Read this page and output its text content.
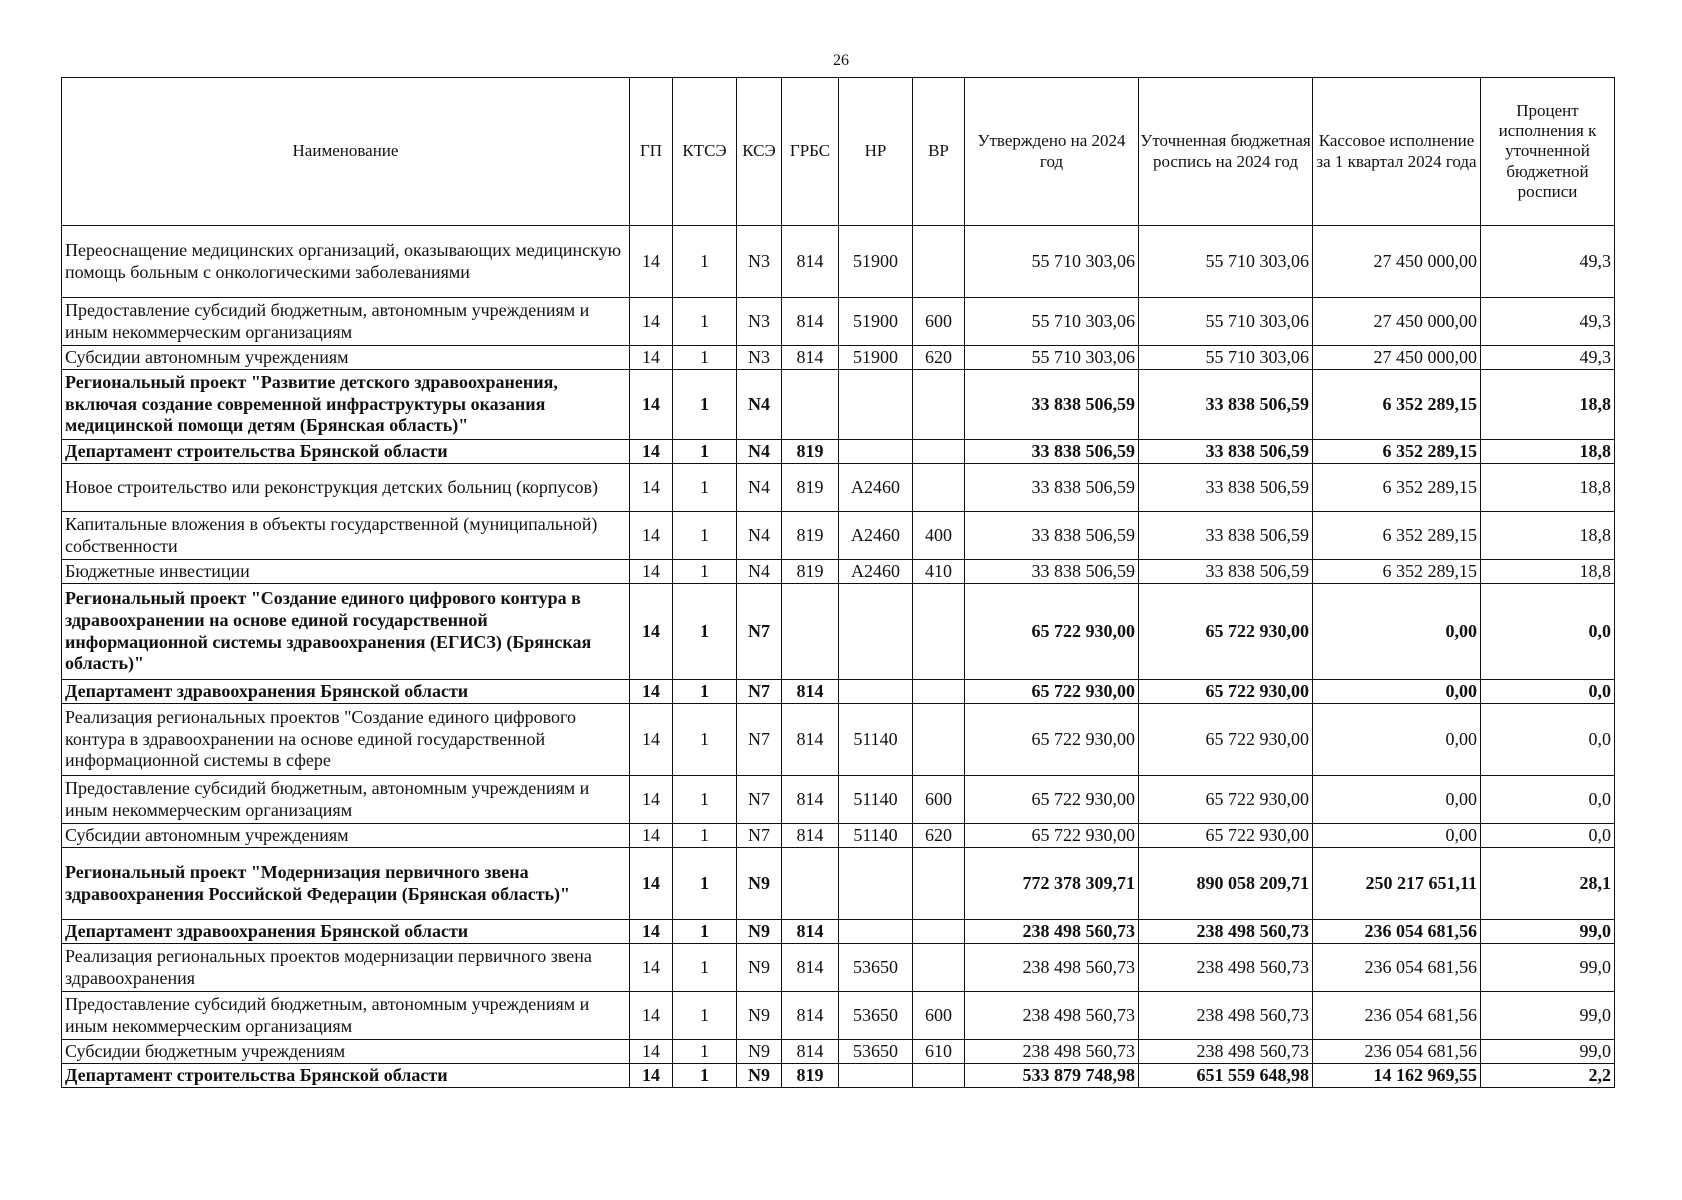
26
Наименование	ГП	КТСЭ	КСЭ	ГРБС	НР	ВР	Утверждено на 2024 год	Уточненная бюджетная роспись на 2024 год	Кассовое исполнение за 1 квартал 2024 года	Процент исполнения к уточненной бюджетной росписи
Переоснащение медицинских организаций, оказывающих медицинскую помощь больным с онкологическими заболеваниями	14	1	N3	814	51900		55 710 303,06	55 710 303,06	27 450 000,00	49,3
Предоставление субсидий бюджетным, автономным учреждениям и иным некоммерческим организациям	14	1	N3	814	51900	600	55 710 303,06	55 710 303,06	27 450 000,00	49,3
Субсидии автономным учреждениям	14	1	N3	814	51900	620	55 710 303,06	55 710 303,06	27 450 000,00	49,3
Региональный проект "Развитие детского здравоохранения, включая создание современной инфраструктуры оказания медицинской помощи детям (Брянская область)"	14	1	N4				33 838 506,59	33 838 506,59	6 352 289,15	18,8
Департамент строительства Брянской области	14	1	N4	819			33 838 506,59	33 838 506,59	6 352 289,15	18,8
Новое строительство или реконструкция детских больниц (корпусов)	14	1	N4	819	А2460		33 838 506,59	33 838 506,59	6 352 289,15	18,8
Капитальные вложения в объекты государственной (муниципальной) собственности	14	1	N4	819	А2460	400	33 838 506,59	33 838 506,59	6 352 289,15	18,8
Бюджетные инвестиции	14	1	N4	819	А2460	410	33 838 506,59	33 838 506,59	6 352 289,15	18,8
Региональный проект "Создание единого цифрового контура в здравоохранении на основе единой государственной информационной системы здравоохранения (ЕГИСЗ) (Брянская область)"	14	1	N7				65 722 930,00	65 722 930,00	0,00	0,0
Департамент здравоохранения Брянской области	14	1	N7	814			65 722 930,00	65 722 930,00	0,00	0,0
Реализация региональных проектов "Создание единого цифрового контура в здравоохранении на основе единой государственной информационной системы в сфере	14	1	N7	814	51140		65 722 930,00	65 722 930,00	0,00	0,0
Предоставление субсидий бюджетным, автономным учреждениям и иным некоммерческим организациям	14	1	N7	814	51140	600	65 722 930,00	65 722 930,00	0,00	0,0
Субсидии автономным учреждениям	14	1	N7	814	51140	620	65 722 930,00	65 722 930,00	0,00	0,0
Региональный проект "Модернизация первичного звена здравоохранения Российской Федерации (Брянская область)"	14	1	N9				772 378 309,71	890 058 209,71	250 217 651,11	28,1
Департамент здравоохранения Брянской области	14	1	N9	814			238 498 560,73	238 498 560,73	236 054 681,56	99,0
Реализация региональных проектов модернизации первичного звена здравоохранения	14	1	N9	814	53650		238 498 560,73	238 498 560,73	236 054 681,56	99,0
Предоставление субсидий бюджетным, автономным учреждениям и иным некоммерческим организациям	14	1	N9	814	53650	600	238 498 560,73	238 498 560,73	236 054 681,56	99,0
Субсидии бюджетным учреждениям	14	1	N9	814	53650	610	238 498 560,73	238 498 560,73	236 054 681,56	99,0
Департамент строительства Брянской области	14	1	N9	819			533 879 748,98	651 559 648,98	14 162 969,55	2,2
